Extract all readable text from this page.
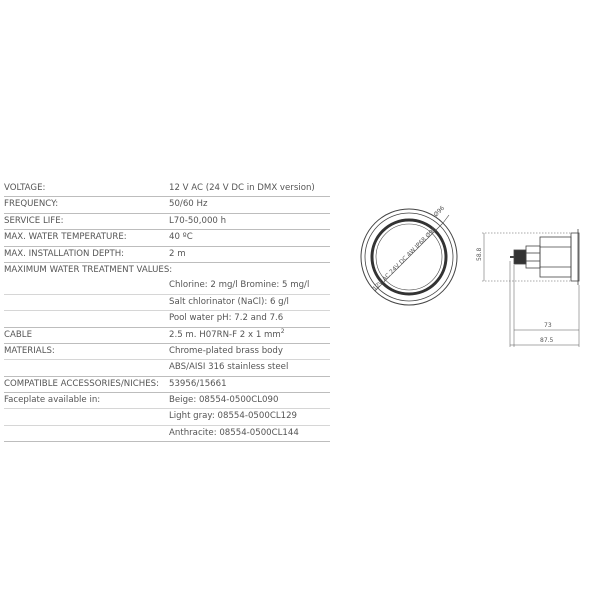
VOLTAGE:	12 V AC (24 V DC in DMX version)
FREQUENCY:	50/60 Hz
SERVICE LIFE:	L70-50,000 h
MAX. WATER TEMPERATURE:	40 ºC
MAX. INSTALLATION DEPTH:	2 m
MAXIMUM WATER TREATMENT VALUES:
Chlorine: 2 mg/l Bromine: 5 mg/l
Salt chlorinator (NaCl): 6 g/l
Pool water pH: 7.2 and 7.6
CABLE	2.5 m. H07RN-F 2 x 1 $mm^2$
MATERIALS:	Chrome-plated brass body
ABS/AISI 316 stainless steel
COMPATIBLE ACCESSORIES/NICHES: 53956/15661
Faceplate available in:	Beige: 08554-0500CL090
Light gray: 08554-0500CL129
Anthracite: 08554-0500CL144
Ø96
12V AC 24V DC 4W IP68 Ø96	58.8
73
87.5
